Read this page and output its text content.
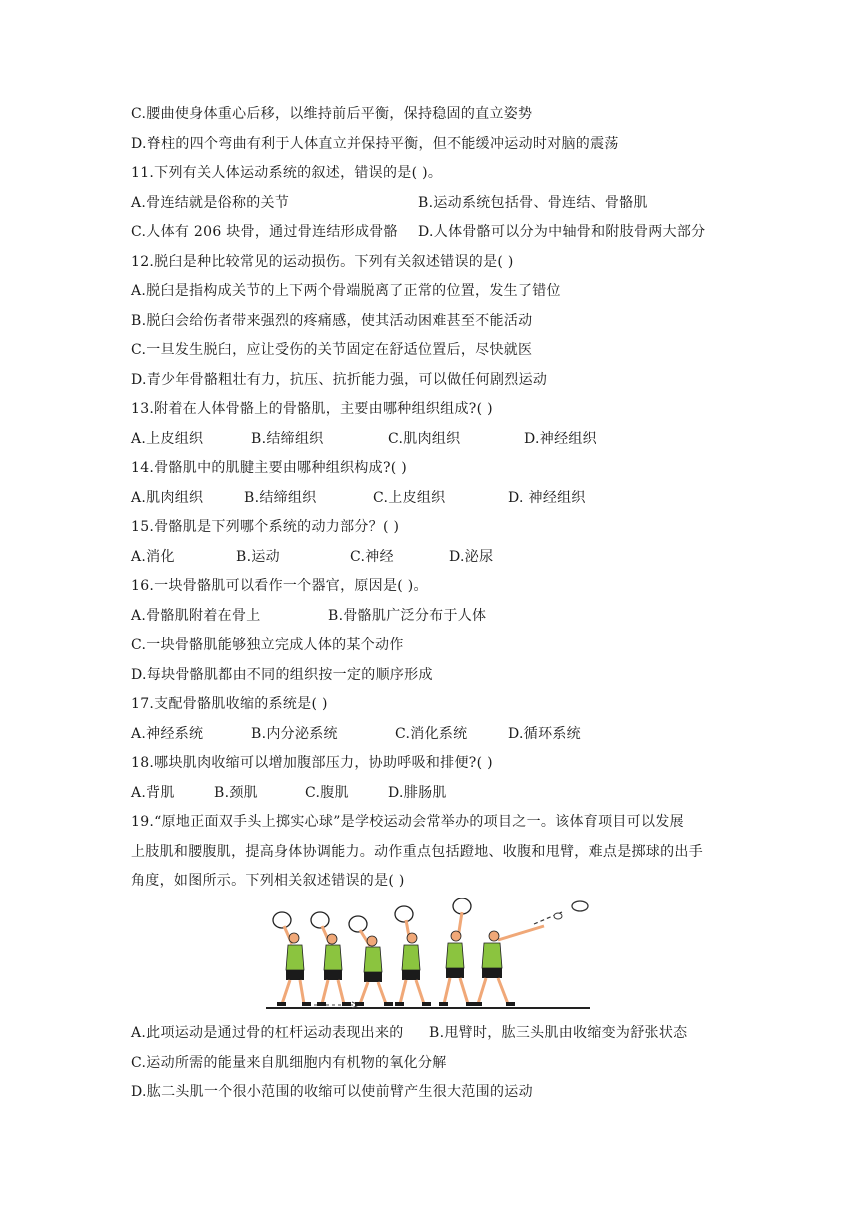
C.腰曲使身体重心后移，以维持前后平衡，保持稳固的直立姿势
D.脊柱的四个弯曲有利于人体直立并保持平衡，但不能缓冲运动时对脑的震荡
11.下列有关人体运动系统的叙述，错误的是( )。
A.骨连结就是俗称的关节	B.运动系统包括骨、骨连结、骨骼肌
C.人体有 206 块骨，通过骨连结形成骨骼 D.人体骨骼可以分为中轴骨和附肢骨两大部分
12.脱臼是种比较常见的运动损伤。下列有关叙述错误的是( )
A.脱臼是指构成关节的上下两个骨端脱离了正常的位置，发生了错位
B.脱臼会给伤者带来强烈的疼痛感，使其活动困难甚至不能活动
C.一旦发生脱臼，应让受伤的关节固定在舒适位置后，尽快就医
D.青少年骨骼粗壮有力，抗压、抗折能力强，可以做任何剧烈运动
13.附着在人体骨骼上的骨骼肌，主要由哪种组织组成?( )
A.上皮组织	B.结缔组织	C.肌肉组织	D.神经组织
14.骨骼肌中的肌腱主要由哪种组织构成?( )
A.肌肉组织	B.结缔组织	C.上皮组织	D. 神经组织
15.骨骼肌是下列哪个系统的动力部分？( )
A.消化	B.运动	C.神经	D.泌尿
16.一块骨骼肌可以看作一个器官，原因是( )。
A.骨骼肌附着在骨上	B.骨骼肌广泛分布于人体
C.一块骨骼肌能够独立完成人体的某个动作
D.每块骨骼肌都由不同的组织按一定的顺序形成
17.支配骨骼肌收缩的系统是( )
A.神经系统	B.内分泌系统	C.消化系统	D.循环系统
18.哪块肌肉收缩可以增加腹部压力，协助呼吸和排便?( )
A.背肌	B.颈肌	C.腹肌	D.腓肠肌
19.“原地正面双手头上掷实心球”是学校运动会常举办的项目之一。该体育项目可以发展
上肢肌和腰腹肌，提高身体协调能力。动作重点包括蹬地、收腹和甩臂，难点是掷球的出手
角度，如图所示。下列相关叙述错误的是( )
A.此项运动是通过骨的杠杆运动表现出来的 B.甩臂时，肱三头肌由收缩变为舒张状态
C.运动所需的能量来自肌细胞内有机物的氧化分解
D.肱二头肌一个很小范围的收缩可以使前臂产生很大范围的运动
